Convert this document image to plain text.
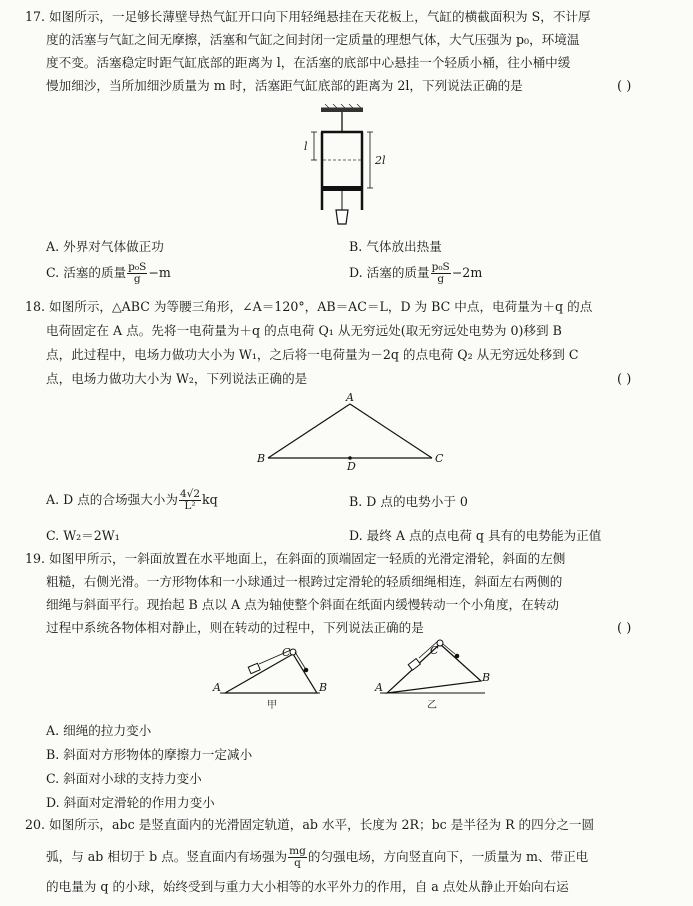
17. 如图所示，一足够长薄壁导热气缸开口向下用轻绳悬挂在天花板上，气缸的横截面积为 S，不计厚
度的活塞与气缸之间无摩擦，活塞和气缸之间封闭一定质量的理想气体，大气压强为 p₀，环境温
度不变。活塞稳定时距气缸底部的距离为 l，在活塞的底部中心悬挂一个轻质小桶，往小桶中缓
慢加细沙，当所加细沙质量为 m 时，活塞距气缸底部的距离为 2l，下列说法正确的是	( )
l
2l
A. 外界对气体做正功	B. 气体放出热量
C. 活塞的质量 $\frac{\text{p₀S}}{g} -m$	D. 活塞的质量 $\frac{\text{p₀S}}{g} -2m$
18. 如图所示，△ABC 为等腰三角形，∠A＝120°，AB＝AC＝L，D 为 BC 中点，电荷量为＋q 的点
电荷固定在 A 点。先将一电荷量为＋q 的点电荷 Q₁ 从无穷远处(取无穷远处电势为 0)移到 B
点，此过程中，电场力做功大小为 W₁，之后将一电荷量为－2q 的点电荷 Q₂ 从无穷远处移到 C
点，电场力做功大小为 W₂，下列说法正确的是	( )
A
B	C
D
A. D 点的合场强大小为 $\frac{4√2}{\text{L²}}$ kq	B. D 点的电势小于 0
C. W₂＝2W₁	D. 最终 A 点的点电荷 q 具有的电势能为正值
19. 如图甲所示，一斜面放置在水平地面上，在斜面的顶端固定一轻质的光滑定滑轮，斜面的左侧
粗糙，右侧光滑。一方形物体和一小球通过一根跨过定滑轮的轻质细绳相连，斜面左右两侧的
细绳与斜面平行。现抬起 B 点以 A 点为轴使整个斜面在纸面内缓慢转动一个小角度，在转动
过程中系统各物体相对静止，则在转动的过程中，下列说法正确的是	( )
A	B
C
甲
A
C
B
乙
A. 细绳的拉力变小
B. 斜面对方形物体的摩擦力一定减小
C. 斜面对小球的支持力变小
D. 斜面对定滑轮的作用力变小
20. 如图所示，abc 是竖直面内的光滑固定轨道，ab 水平，长度为 2R；bc 是半径为 R 的四分之一圆
弧，与 ab 相切于 b 点。竖直面内有场强为 $\frac{mg}{q}$ 的匀强电场，方向竖直向下，一质量为 m、带正电
的电量为 q 的小球，始终受到与重力大小相等的水平外力的作用，自 a 点处从静止开始向右运
